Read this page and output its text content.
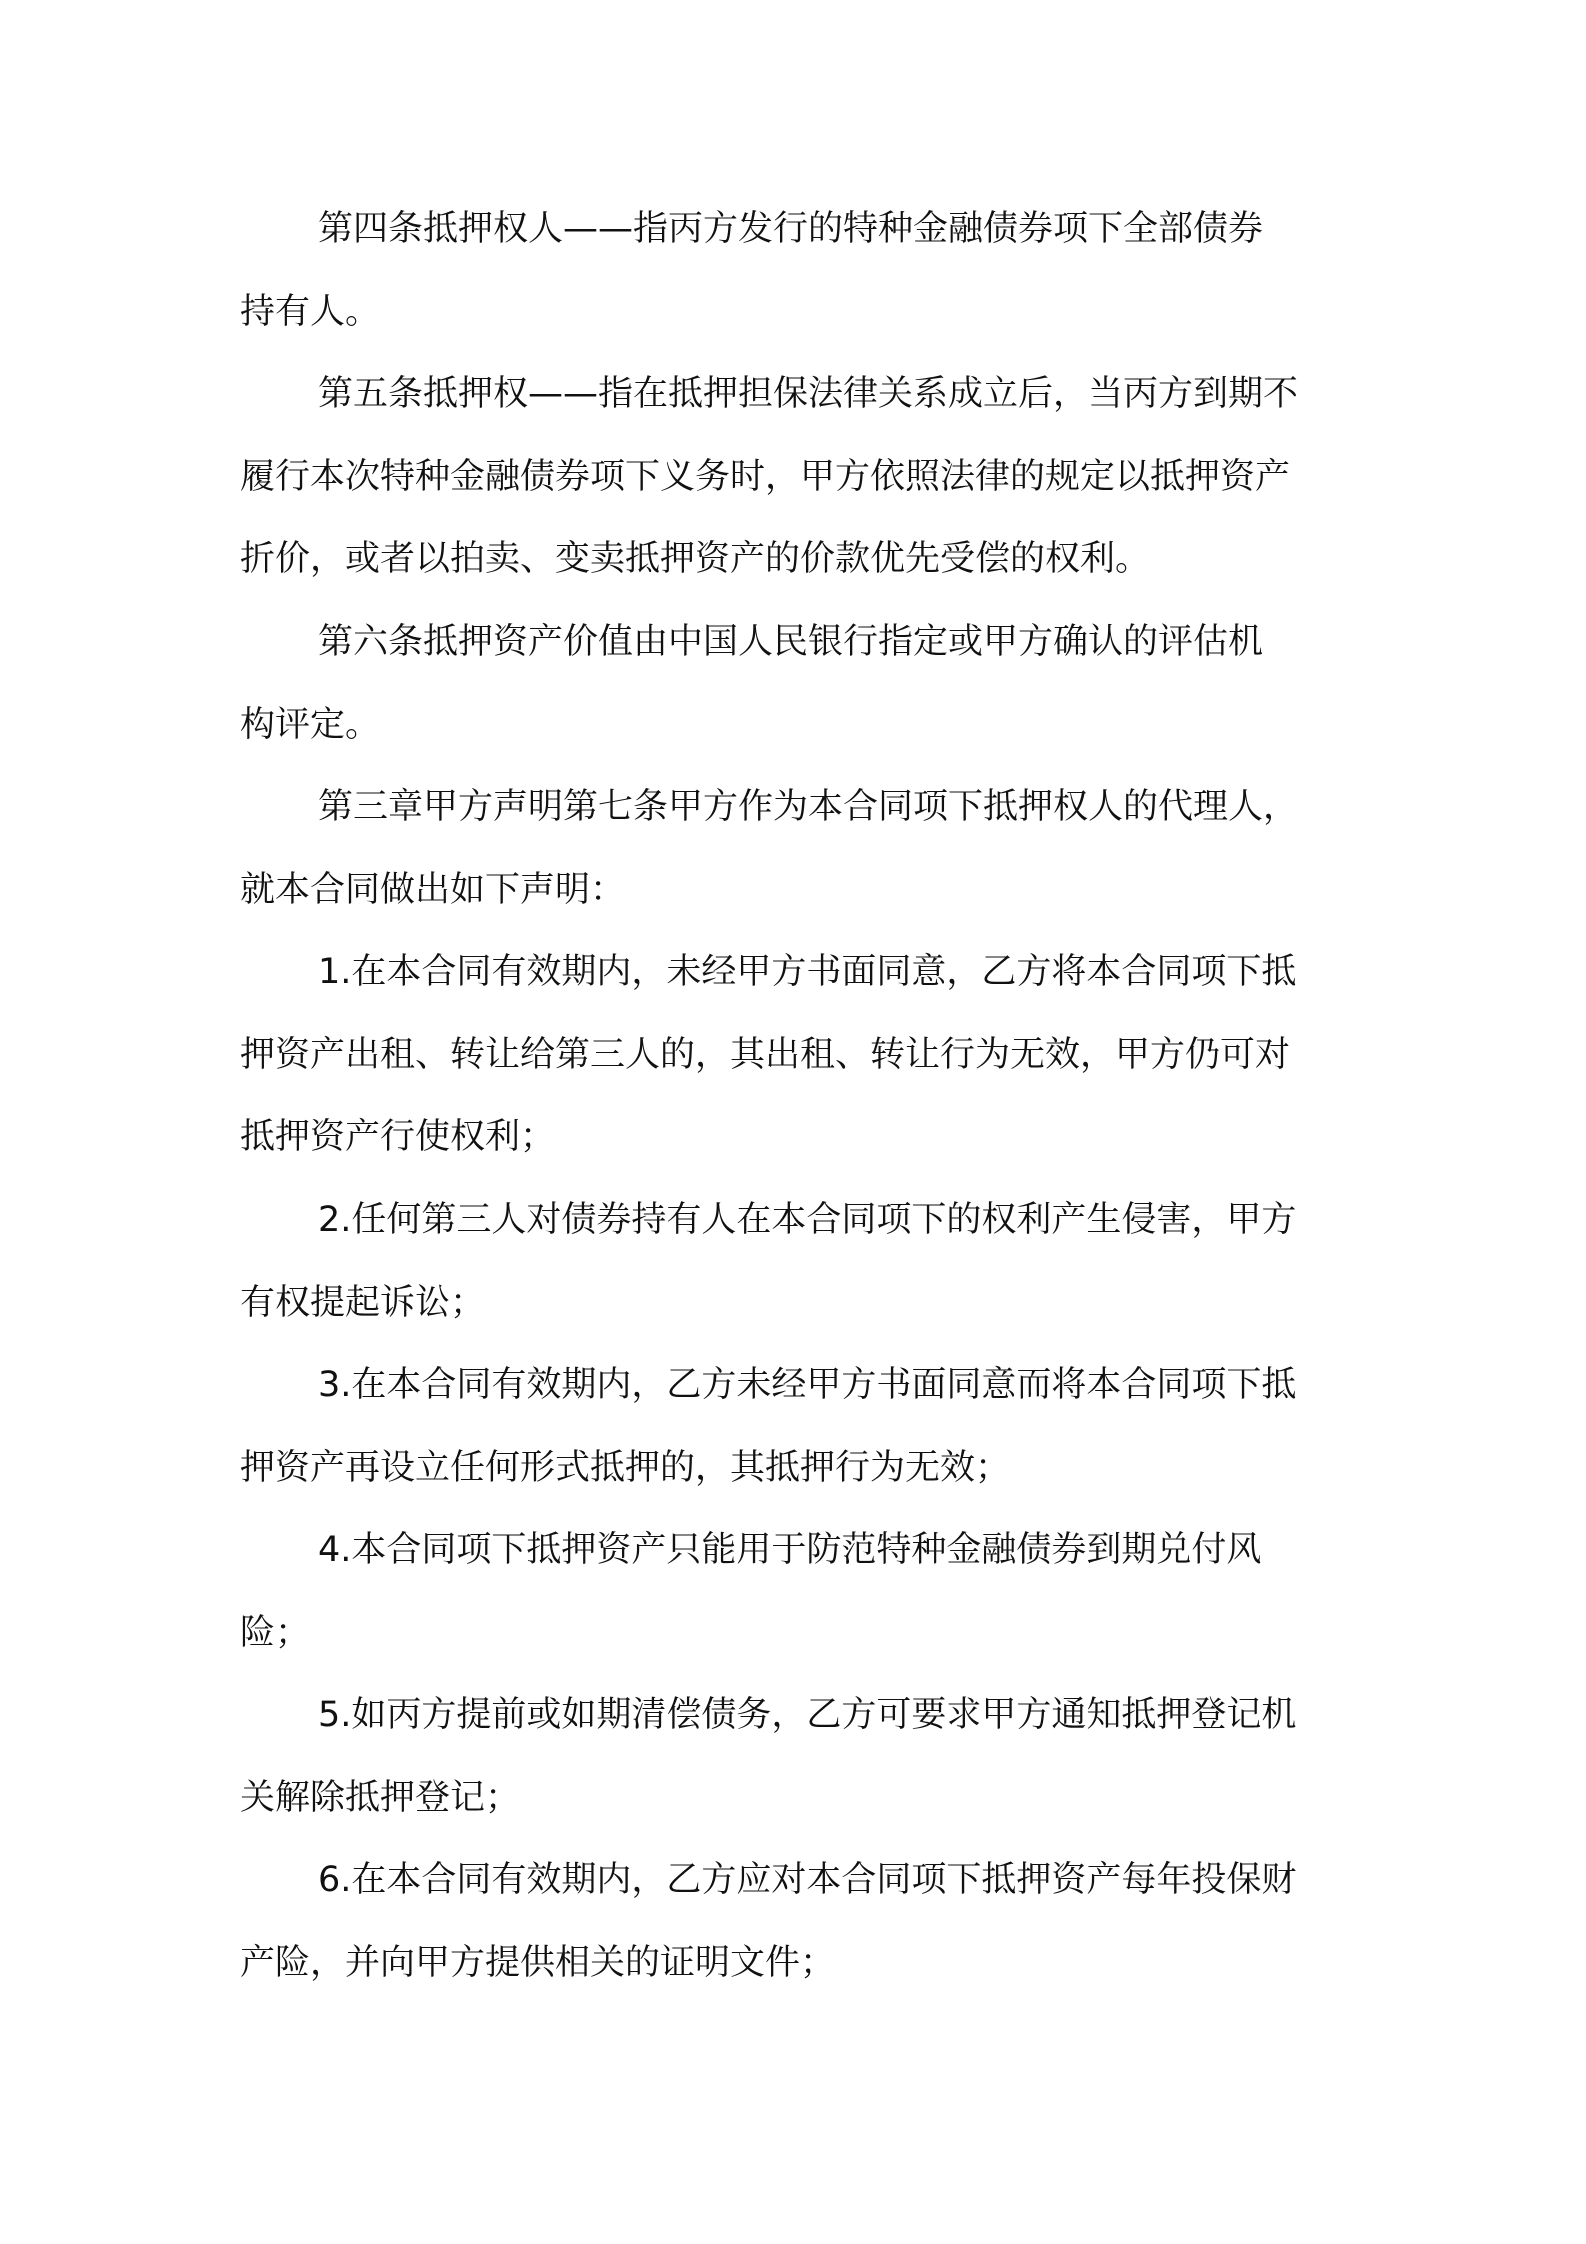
第四条抵押权人——指丙方发行的特种金融债券项下全部债券
持有人。
第五条抵押权——指在抵押担保法律关系成立后，当丙方到期不
履行本次特种金融债券项下义务时，甲方依照法律的规定以抵押资产
折价，或者以拍卖、变卖抵押资产的价款优先受偿的权利。
第六条抵押资产价值由中国人民银行指定或甲方确认的评估机
构评定。
第三章甲方声明第七条甲方作为本合同项下抵押权人的代理人，
就本合同做出如下声明：
1.在本合同有效期内，未经甲方书面同意，乙方将本合同项下抵
押资产出租、转让给第三人的，其出租、转让行为无效，甲方仍可对
抵押资产行使权利；
2.任何第三人对债券持有人在本合同项下的权利产生侵害，甲方
有权提起诉讼；
3.在本合同有效期内，乙方未经甲方书面同意而将本合同项下抵
押资产再设立任何形式抵押的，其抵押行为无效；
4.本合同项下抵押资产只能用于防范特种金融债券到期兑付风
险；
5.如丙方提前或如期清偿债务，乙方可要求甲方通知抵押登记机
关解除抵押登记；
6.在本合同有效期内，乙方应对本合同项下抵押资产每年投保财
产险，并向甲方提供相关的证明文件；
